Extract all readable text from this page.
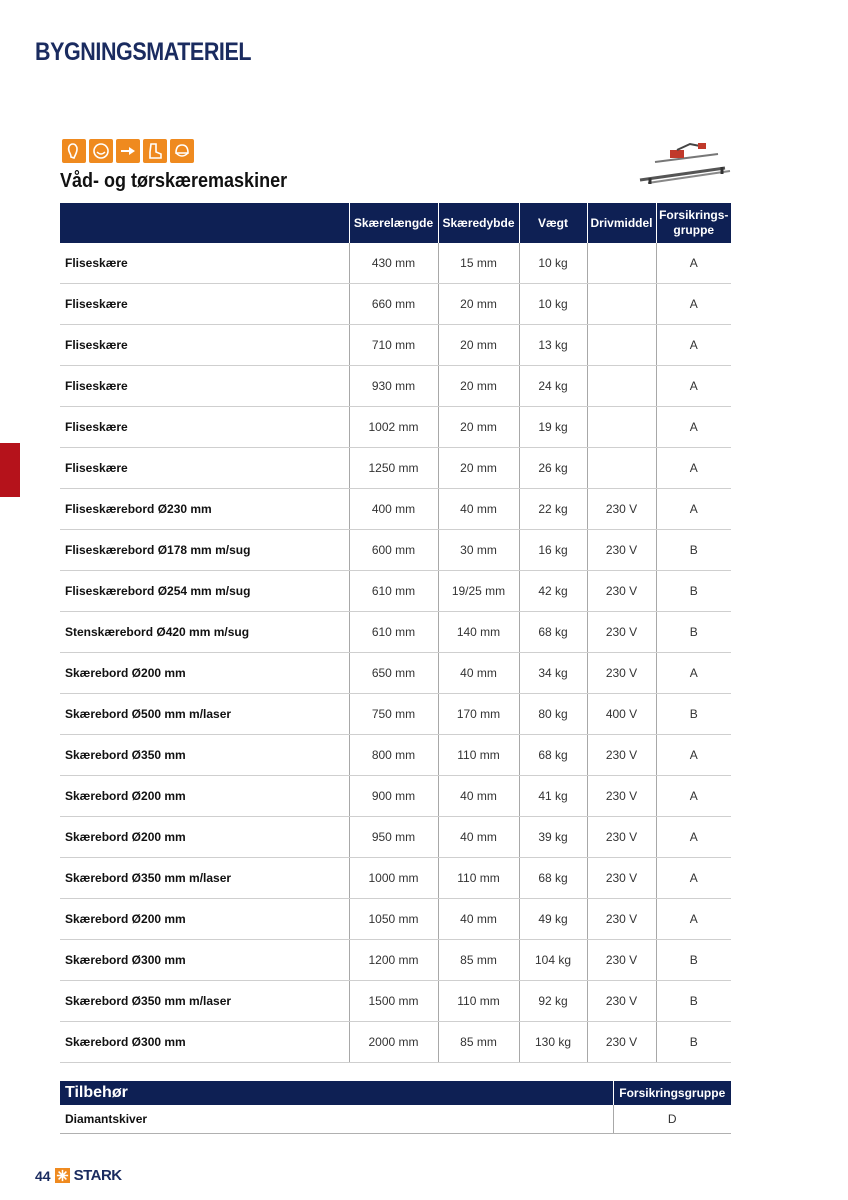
BYGNINGSMATERIEL
Våd- og tørskæremaskiner
	Skærelængde	Skæredybde	Vægt	Drivmiddel	Forsikrings-gruppe
Fliseskære	430 mm	15 mm	10 kg		A
Fliseskære	660 mm	20 mm	10 kg		A
Fliseskære	710 mm	20 mm	13 kg		A
Fliseskære	930 mm	20 mm	24 kg		A
Fliseskære	1002 mm	20 mm	19 kg		A
Fliseskære	1250 mm	20 mm	26 kg		A
Fliseskærebord Ø230 mm	400 mm	40 mm	22 kg	230 V	A
Fliseskærebord Ø178 mm m/sug	600 mm	30 mm	16 kg	230 V	B
Fliseskærebord Ø254 mm m/sug	610 mm	19/25 mm	42 kg	230 V	B
Stenskærebord Ø420 mm m/sug	610 mm	140 mm	68 kg	230 V	B
Skærebord Ø200 mm	650 mm	40 mm	34 kg	230 V	A
Skærebord Ø500 mm m/laser	750 mm	170 mm	80 kg	400 V	B
Skærebord Ø350 mm	800 mm	110 mm	68 kg	230 V	A
Skærebord Ø200 mm	900 mm	40 mm	41 kg	230 V	A
Skærebord Ø200 mm	950 mm	40 mm	39 kg	230 V	A
Skærebord Ø350 mm m/laser	1000 mm	110 mm	68 kg	230 V	A
Skærebord Ø200 mm	1050 mm	40 mm	49 kg	230 V	A
Skærebord Ø300 mm	1200 mm	85 mm	104 kg	230 V	B
Skærebord Ø350 mm m/laser	1500 mm	110 mm	92 kg	230 V	B
Skærebord Ø300 mm	2000 mm	85 mm	130 kg	230 V	B
Tilbehør	Forsikringsgruppe
Diamantskiver	D
44 STARK
